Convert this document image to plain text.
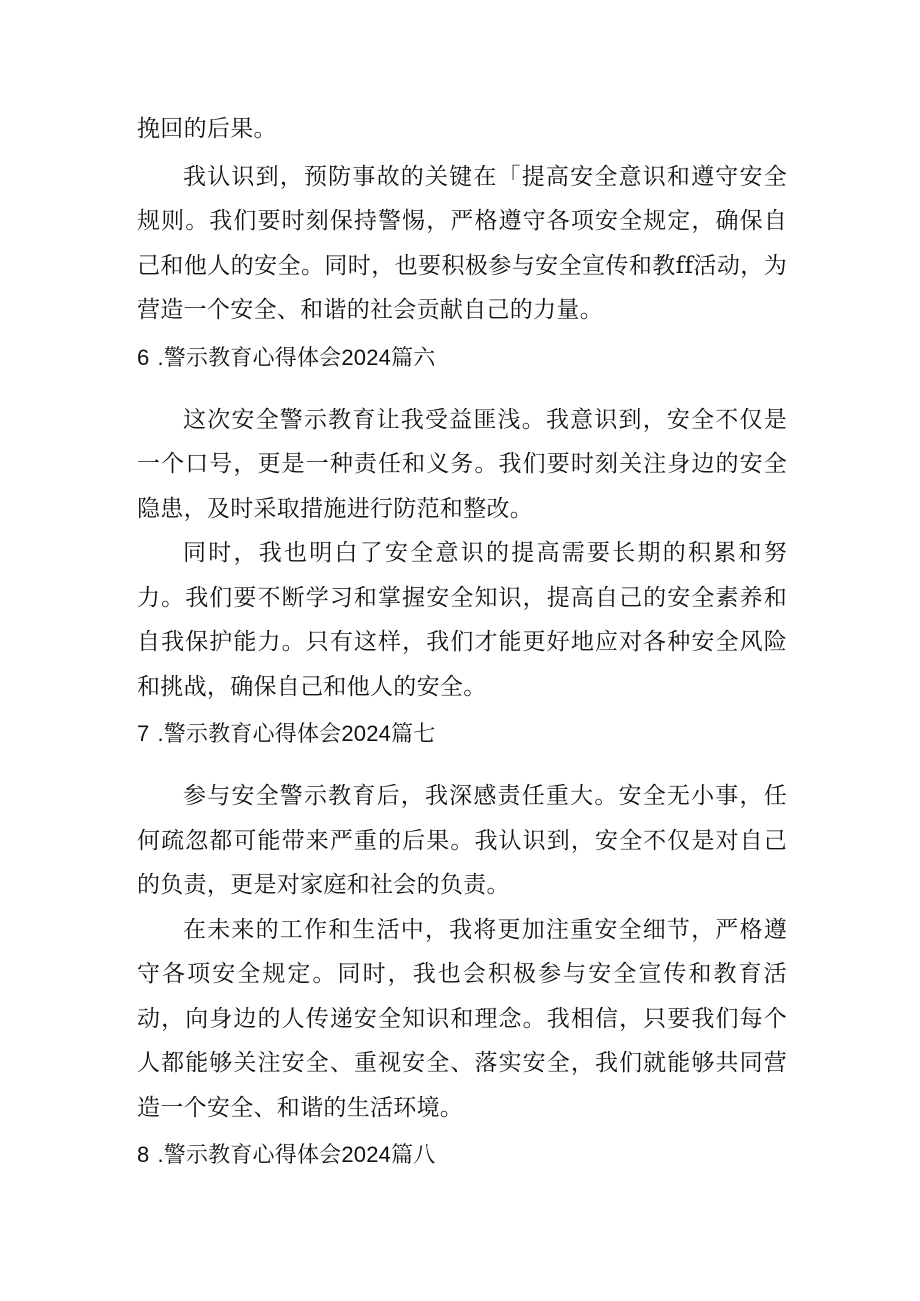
挽回的后果。

我认识到，预防事故的关键在「提高安全意识和遵守安全规则。我们要时刻保持警惕，严格遵守各项安全规定，确保自己和他人的安全。同时，也要积极参与安全宣传和教ff活动，为营造一个安全、和谐的社会贡献自己的力量。

6 .警示教育心得体会2024篇六

这次安全警示教育让我受益匪浅。我意识到，安全不仅是一个口号，更是一种责任和义务。我们要时刻关注身边的安全隐患，及时采取措施进行防范和整改。

同时，我也明白了安全意识的提高需要长期的积累和努力。我们要不断学习和掌握安全知识，提高自己的安全素养和自我保护能力。只有这样，我们才能更好地应对各种安全风险和挑战，确保自己和他人的安全。

7 .警示教育心得体会2024篇七

参与安全警示教育后，我深感责任重大。安全无小事，任何疏忽都可能带来严重的后果。我认识到，安全不仅是对自己的负责，更是对家庭和社会的负责。

在未来的工作和生活中，我将更加注重安全细节，严格遵守各项安全规定。同时，我也会积极参与安全宣传和教育活动，向身边的人传递安全知识和理念。我相信，只要我们每个人都能够关注安全、重视安全、落实安全，我们就能够共同营造一个安全、和谐的生活环境。

8 .警示教育心得体会2024篇八
